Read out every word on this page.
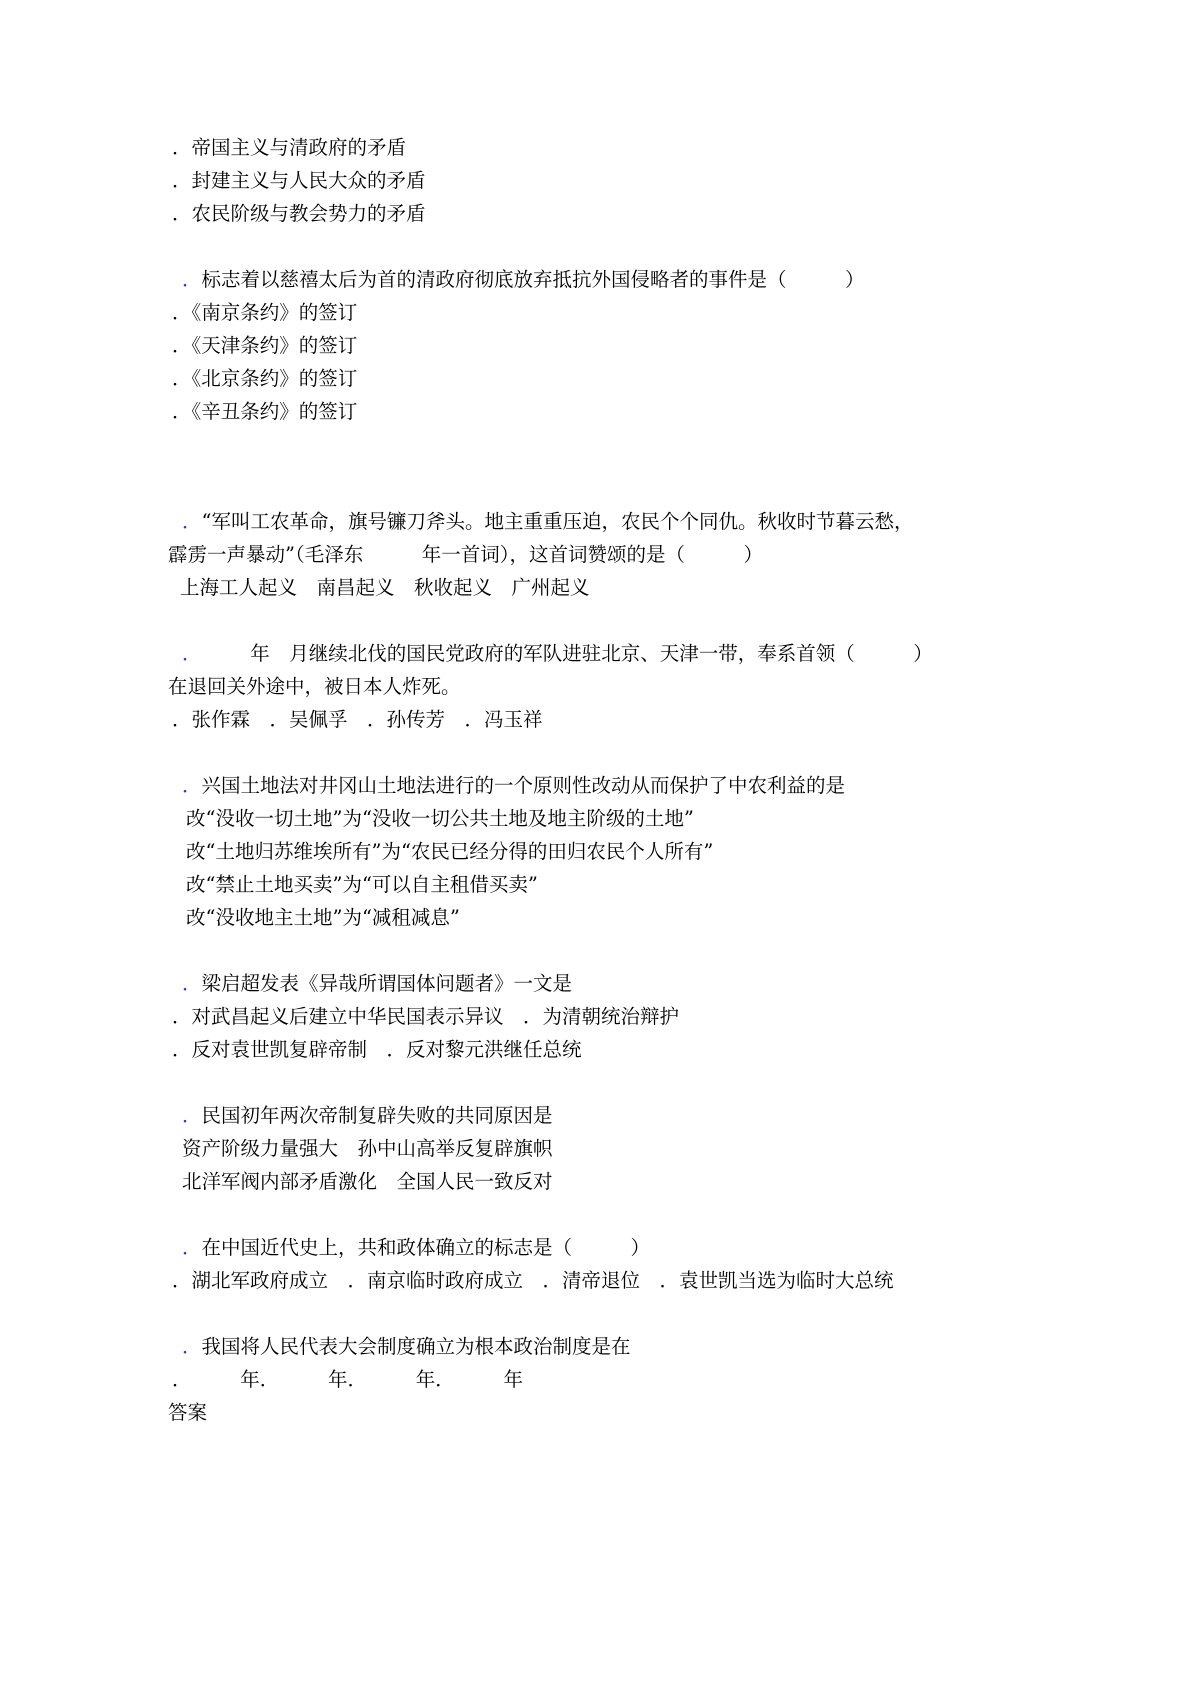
．帝国主义与清政府的矛盾
．封建主义与人民大众的矛盾
．农民阶级与教会势力的矛盾
．标志着以慈禧太后为首的清政府彻底放弃抵抗外国侵略者的事件是（　　　）
．《南京条约》的签订
．《天津条约》的签订
．《北京条约》的签订
．《辛丑条约》的签订
．“军叫工农革命，旗号镰刀斧头。地主重重压迫，农民个个同仇。秋收时节暮云愁，
霹雳一声暴动”（毛泽东　　　年一首词），这首词赞颂的是（　　　）
上海工人起义　南昌起义　秋收起义　广州起义
．　　　年　月继续北伐的国民党政府的军队进驻北京、天津一带，奉系首领（　　　）
在退回关外途中，被日本人炸死。
．张作霖　．吴佩孚　．孙传芳　．冯玉祥
．兴国土地法对井冈山土地法进行的一个原则性改动从而保护了中农利益的是
改“没收一切土地”为“没收一切公共土地及地主阶级的土地”
改“土地归苏维埃所有”为“农民已经分得的田归农民个人所有”
改“禁止土地买卖”为“可以自主租借买卖”
改“没收地主土地”为“减租减息”
．梁启超发表《异哉所谓国体问题者》一文是
．对武昌起义后建立中华民国表示异议　．为清朝统治辩护
．反对袁世凯复辟帝制　．反对黎元洪继任总统
．民国初年两次帝制复辟失败的共同原因是
资产阶级力量强大　孙中山高举反复辟旗帜
北洋军阀内部矛盾激化　全国人民一致反对
．在中国近代史上，共和政体确立的标志是（　　　）
．湖北军政府成立　．南京临时政府成立　．清帝退位　．袁世凯当选为临时大总统
．我国将人民代表大会制度确立为根本政治制度是在
．　　　年．　　　年．　　　年．　　　年
答案
